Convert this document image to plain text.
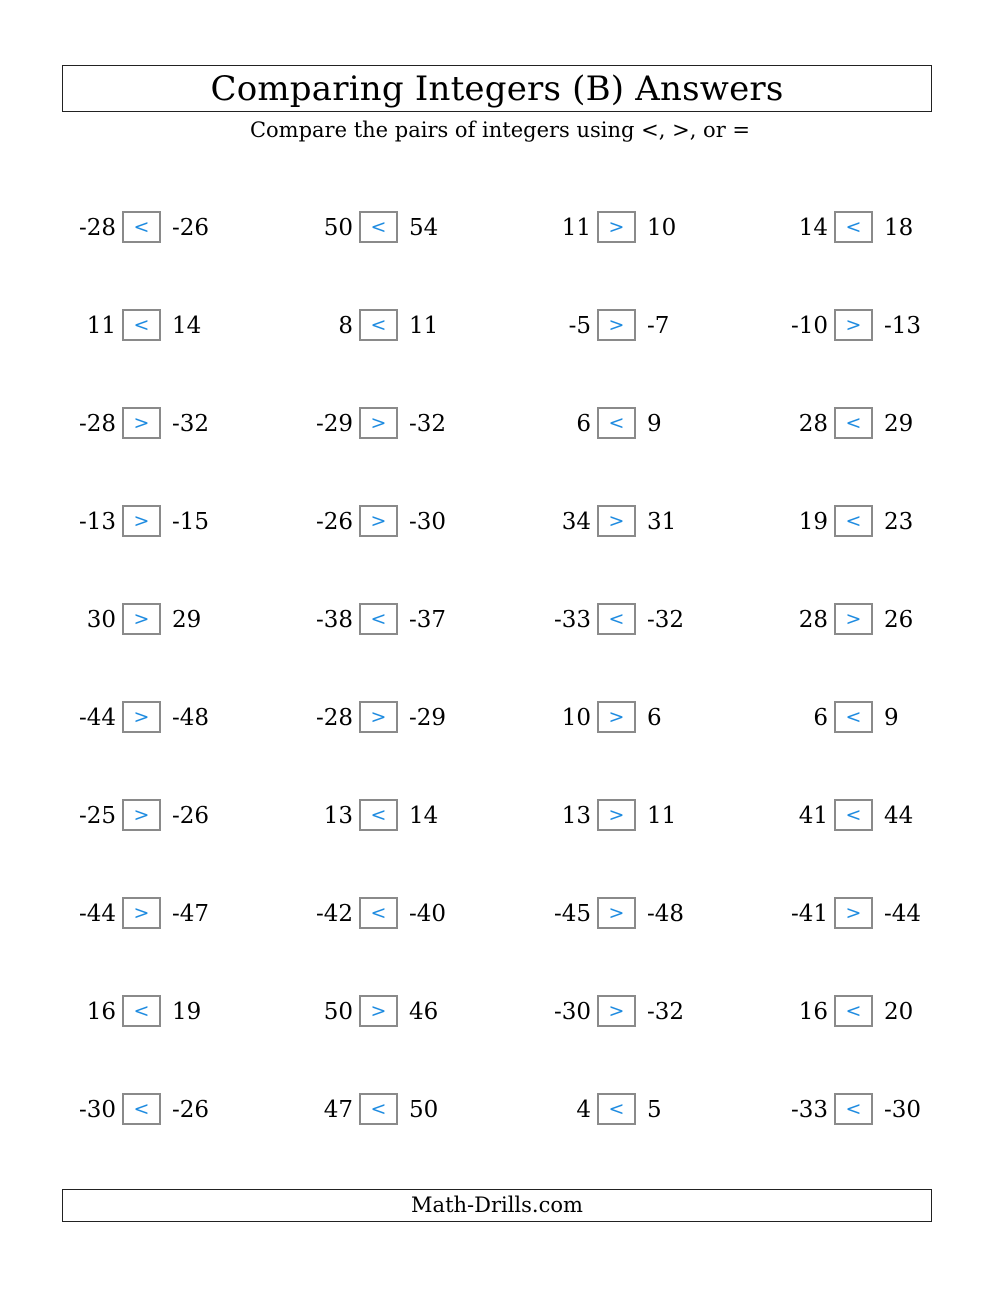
Comparing Integers (B) Answers
Compare the pairs of integers using <, >, or =
-28 < -26	50 < 54	11 > 10	14 < 18
11 < 14	8 < 11	-5 > -7	-10 > -13
-28 > -32	-29 > -32	6 < 9	28 < 29
-13 > -15	-26 > -30	34 > 31	19 < 23
30 > 29	-38 < -37	-33 < -32	28 > 26
-44 > -48	-28 > -29	10 > 6	6 < 9
-25 > -26	13 < 14	13 > 11	41 < 44
-44 > -47	-42 < -40	-45 > -48	-41 > -44
16 < 19	50 > 46	-30 > -32	16 < 20
-30 < -26	47 < 50	4 < 5	-33 < -30
Math-Drills.com
